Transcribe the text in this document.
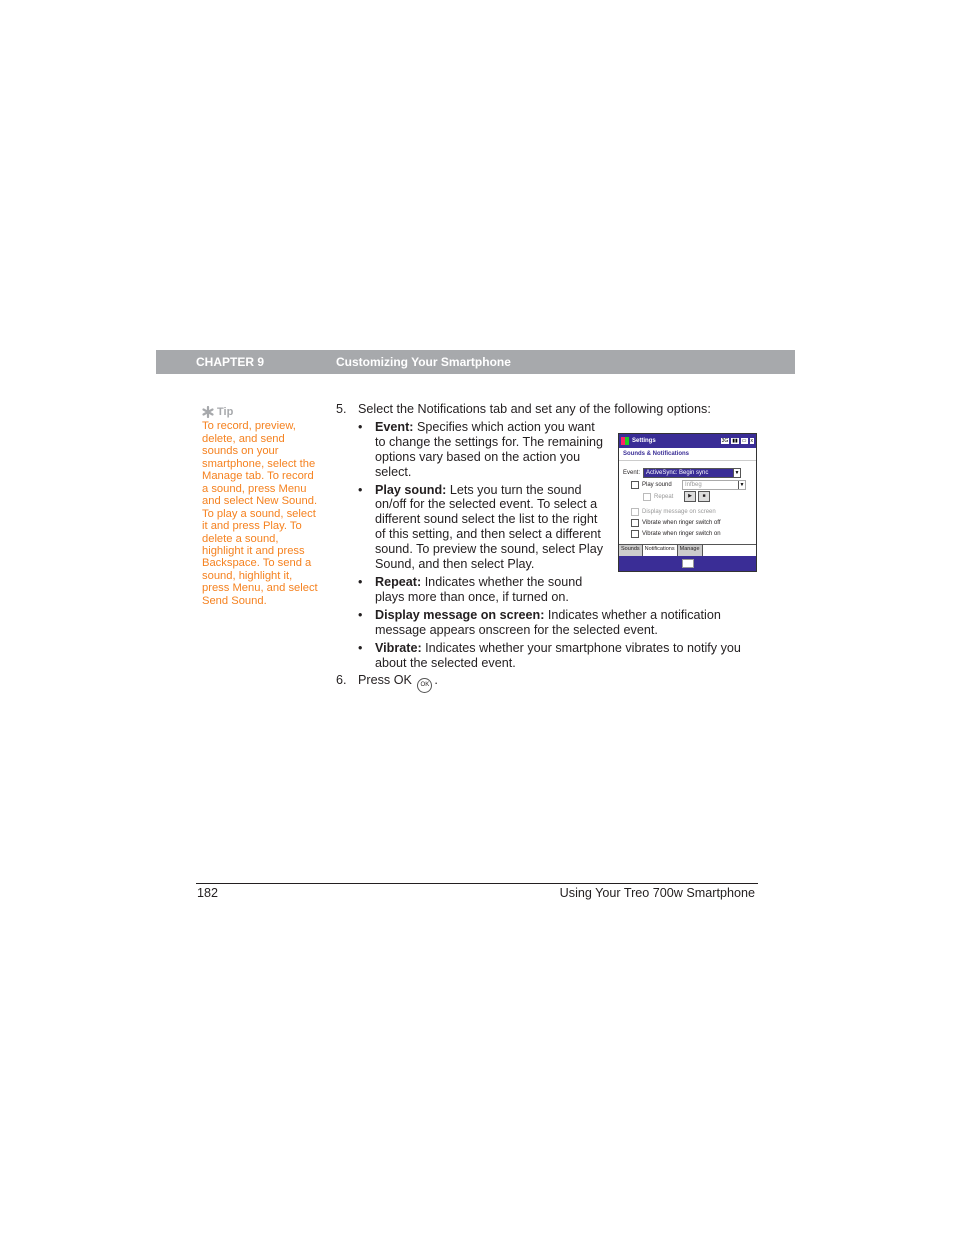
CHAPTER 9	Customizing Your Smartphone
Tip
To record, preview, delete, and send sounds on your smartphone, select the Manage tab. To record a sound, press Menu and select New Sound. To play a sound, select it and press Play. To delete a sound, highlight it and press Backspace. To send a sound, highlight it, press Menu, and select Send Sound.
5. Select the Notifications tab and set any of the following options:
• Event: Specifies which action you want to change the settings for. The remaining options vary based on the action you select.
• Play sound: Lets you turn the sound on/off for the selected event. To select a different sound select the list to the right of this setting, and then select a different sound. To preview the sound, select Play Sound, and then select Play.
• Repeat: Indicates whether the sound plays more than once, if turned on.
• Display message on screen: Indicates whether a notification message appears onscreen for the selected event.
• Vibrate: Indicates whether your smartphone vibrates to notify you about the selected event.
6. Press OK OK .
Settings	3G ▮▮ ▭ x
Sounds & Notifications
Event: ActiveSync: Begin sync	▼
Play sound	Infbeg	▼
Repeat	▶	■
Display message on screen
Vibrate when ringer switch off
Vibrate when ringer switch on
Sounds Notifications Manage
182	Using Your Treo 700w Smartphone
